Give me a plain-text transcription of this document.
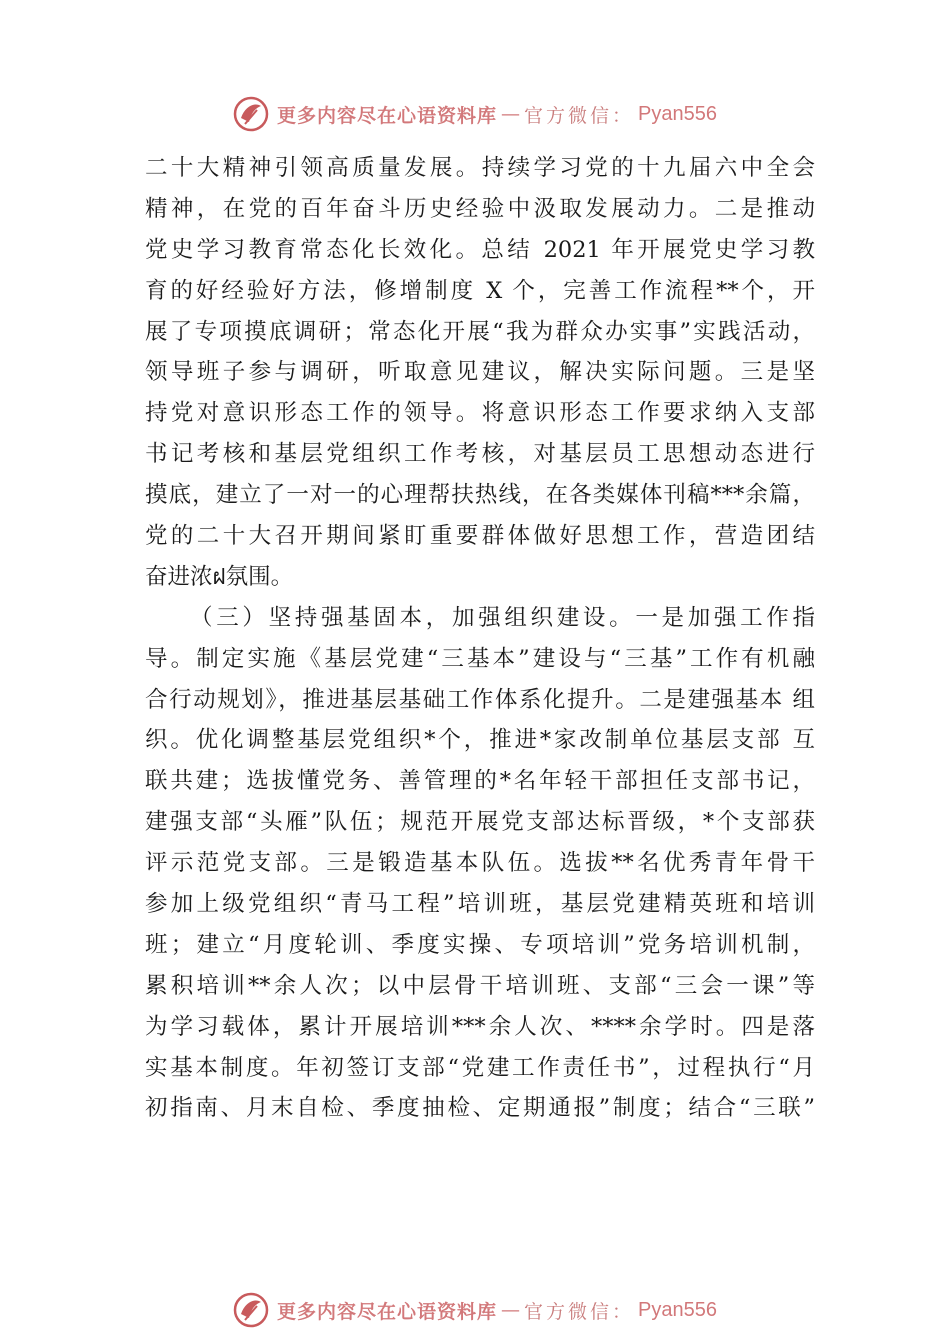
更多内容尽在心语资料库 — 官方微信： Pyan556
二十大精神引领高质量发展。持续学习党的十九届六中全会
精神，在党的百年奋斗历史经验中汲取发展动力。二是推动
党史学习教育常态化长效化。总结 2021 年开展党史学习教
育的好经验好方法，修增制度 X 个，完善工作流程**个，开
展了专项摸底调研；常态化开展“我为群众办实事”实践活动，
领导班子参与调研，听取意见建议，解决实际问题。三是坚
持党对意识形态工作的领导。将意识形态工作要求纳入支部
书记考核和基层党组织工作考核，对基层员工思想动态进行
摸底，建立了一对一的心理帮扶热线，在各类媒体刊稿***余篇，
党的二十大召开期间紧盯重要群体做好思想工作，营造团结
奋进浓ฝ氛围。
（三）坚持强基固本，加强组织建设。一是加强工作指
导。制定实施《基层党建“三基本”建设与“三基”工作有机融
合行动规划》，推进基层基础工作体系化提升。二是建强基本 组
织。优化调整基层党组织*个，推进*家改制单位基层支部 互
联共建；选拔懂党务、善管理的*名年轻干部担任支部书记，
建强支部“头雁”队伍；规范开展党支部达标晋级，*个支部获
评示范党支部。三是锻造基本队伍。选拔**名优秀青年骨干
参加上级党组织“青马工程”培训班，基层党建精英班和培训
班；建立“月度轮训、季度实操、专项培训”党务培训机制，
累积培训**余人次；以中层骨干培训班、支部“三会一课”等
为学习载体，累计开展培训***余人次、****余学时。四是落
实基本制度。年初签订支部“党建工作责任书”，过程执行“月
初指南、月末自检、季度抽检、定期通报”制度；结合“三联”
更多内容尽在心语资料库 — 官方微信： Pyan556
